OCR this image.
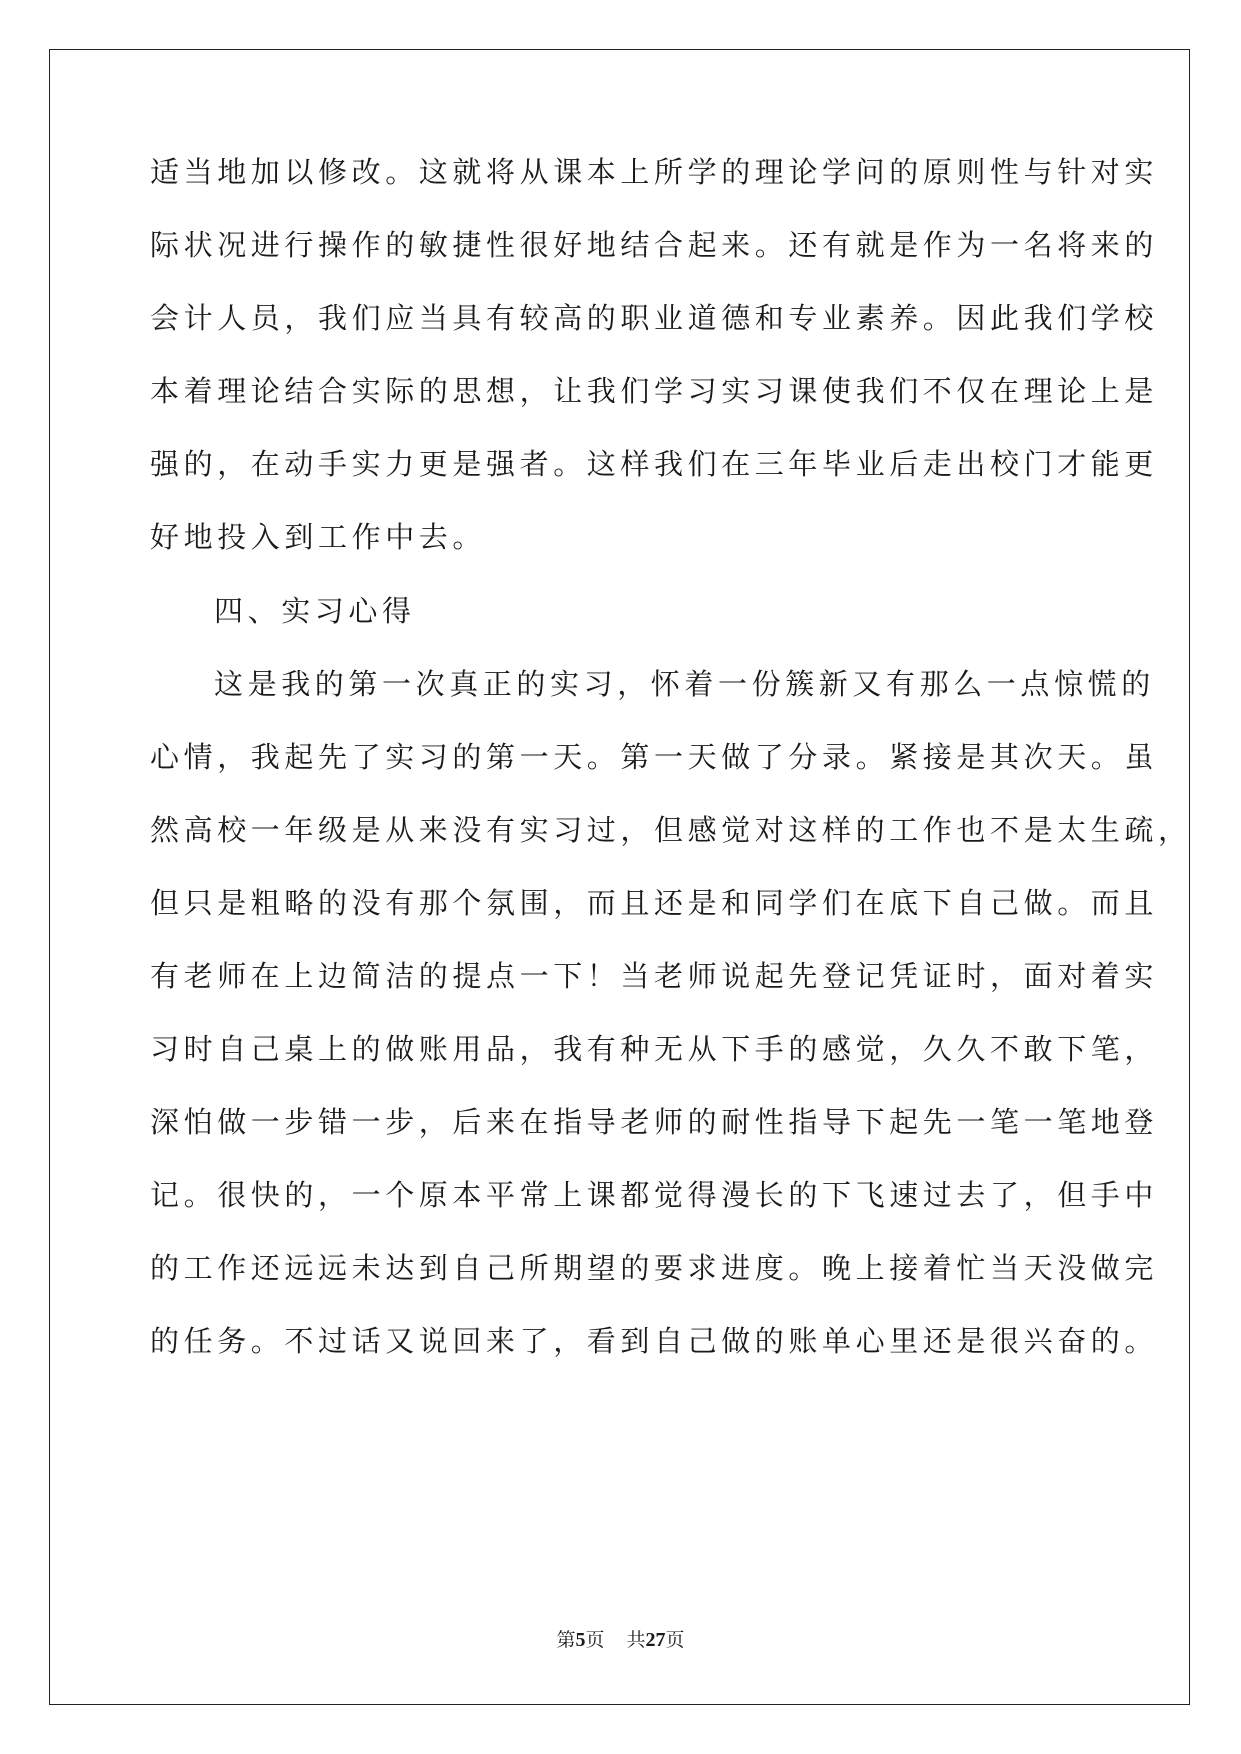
适当地加以修改。这就将从课本上所学的理论学问的原则性与针对实
际状况进行操作的敏捷性很好地结合起来。还有就是作为一名将来的
会计人员，我们应当具有较高的职业道德和专业素养。因此我们学校
本着理论结合实际的思想，让我们学习实习课使我们不仅在理论上是
强的，在动手实力更是强者。这样我们在三年毕业后走出校门才能更
好地投入到工作中去。
四、实习心得
这是我的第一次真正的实习，怀着一份簇新又有那么一点惊慌的
心情，我起先了实习的第一天。第一天做了分录。紧接是其次天。虽
然高校一年级是从来没有实习过，但感觉对这样的工作也不是太生疏，
但只是粗略的没有那个氛围，而且还是和同学们在底下自己做。而且
有老师在上边简洁的提点一下！当老师说起先登记凭证时，面对着实
习时自己桌上的做账用品，我有种无从下手的感觉，久久不敢下笔，
深怕做一步错一步，后来在指导老师的耐性指导下起先一笔一笔地登
记。很快的，一个原本平常上课都觉得漫长的下飞速过去了，但手中
的工作还远远未达到自己所期望的要求进度。晚上接着忙当天没做完
的任务。不过话又说回来了，看到自己做的账单心里还是很兴奋的。
第5页 共27页
